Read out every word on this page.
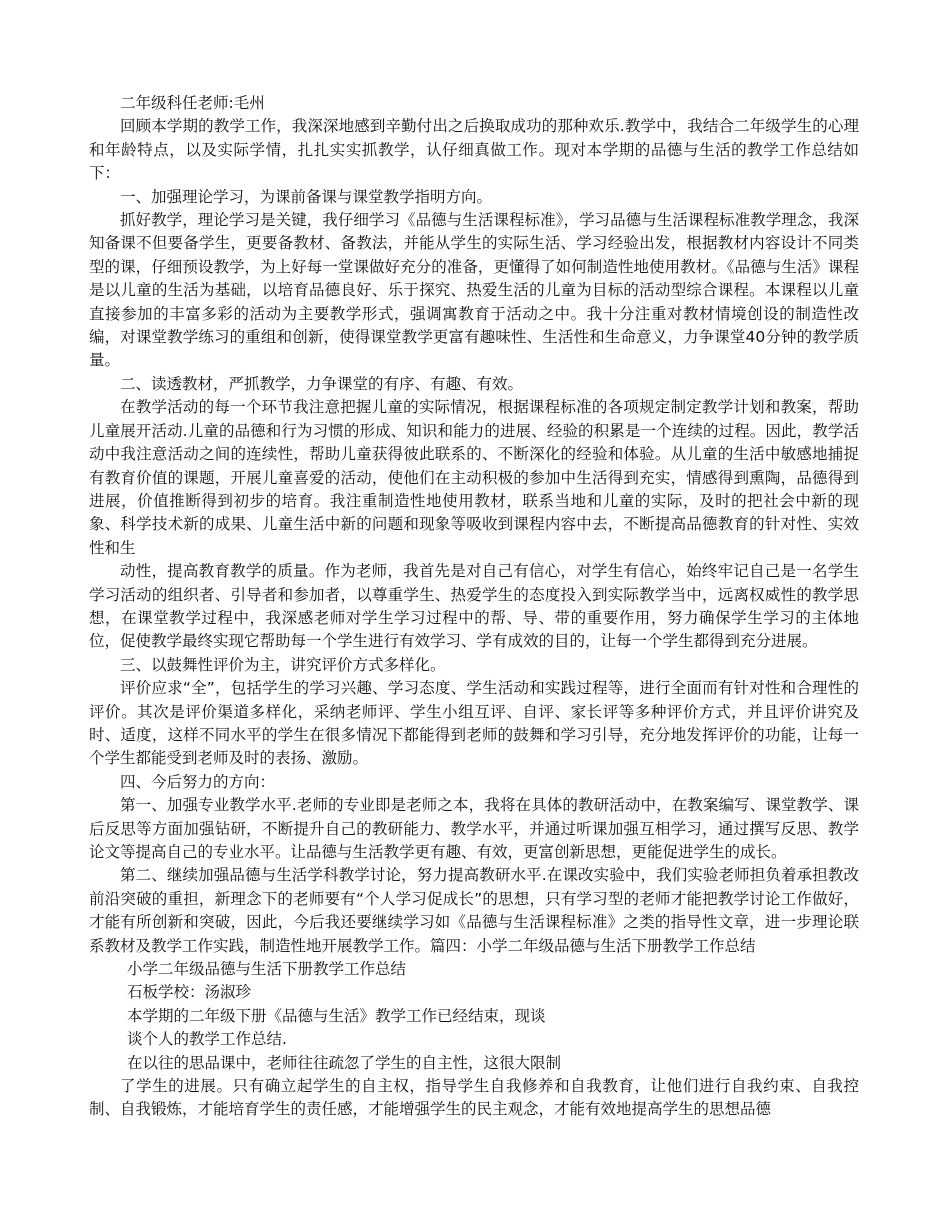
二年级科任老师:毛州

回顾本学期的教学工作，我深深地感到辛勤付出之后换取成功的那种欢乐.教学中，我结合二年级学生的心理和年龄特点，以及实际学情，扎扎实实抓教学，认仔细真做工作。现对本学期的品德与生活的教学工作总结如下：

一、加强理论学习，为课前备课与课堂教学指明方向。

抓好教学，理论学习是关键，我仔细学习《品德与生活课程标准》，学习品德与生活课程标准教学理念，我深知备课不但要备学生，更要备教材、备教法，并能从学生的实际生活、学习经验出发，根据教材内容设计不同类型的课，仔细预设教学，为上好每一堂课做好充分的准备，更懂得了如何制造性地使用教材。《品德与生活》课程是以儿童的生活为基础，以培育品德良好、乐于探究、热爱生活的儿童为目标的活动型综合课程。本课程以儿童直接参加的丰富多彩的活动为主要教学形式，强调寓教育于活动之中。我十分注重对教材情境创设的制造性改编，对课堂教学练习的重组和创新，使得课堂教学更富有趣味性、生活性和生命意义，力争课堂40分钟的教学质量。

二、读透教材，严抓教学，力争课堂的有序、有趣、有效。

在教学活动的每一个环节我注意把握儿童的实际情况，根据课程标准的各项规定制定教学计划和教案，帮助儿童展开活动.儿童的品德和行为习惯的形成、知识和能力的进展、经验的积累是一个连续的过程。因此，教学活动中我注意活动之间的连续性，帮助儿童获得彼此联系的、不断深化的经验和体验。从儿童的生活中敏感地捕捉有教育价值的课题，开展儿童喜爱的活动，使他们在主动积极的参加中生活得到充实，情感得到熏陶，品德得到进展，价值推断得到初步的培育。我注重制造性地使用教材，联系当地和儿童的实际，及时的把社会中新的现象、科学技术新的成果、儿童生活中新的问题和现象等吸收到课程内容中去，不断提高品德教育的针对性、实效性和生

动性，提高教育教学的质量。作为老师，我首先是对自己有信心，对学生有信心，始终牢记自己是一名学生学习活动的组织者、引导者和参加者，以尊重学生、热爱学生的态度投入到实际教学当中，远离权威性的教学思想，在课堂教学过程中，我深感老师对学生学习过程中的帮、导、带的重要作用，努力确保学生学习的主体地位，促使教学最终实现它帮助每一个学生进行有效学习、学有成效的目的，让每一个学生都得到充分进展。

三、以鼓舞性评价为主，讲究评价方式多样化。

评价应求“全”，包括学生的学习兴趣、学习态度、学生活动和实践过程等，进行全面而有针对性和合理性的评价。其次是评价渠道多样化，采纳老师评、学生小组互评、自评、家长评等多种评价方式，并且评价讲究及时、适度，这样不同水平的学生在很多情况下都能得到老师的鼓舞和学习引导，充分地发挥评价的功能，让每一个学生都能受到老师及时的表扬、激励。

四、今后努力的方向：

第一、加强专业教学水平.老师的专业即是老师之本，我将在具体的教研活动中，在教案编写、课堂教学、课后反思等方面加强钻研，不断提升自己的教研能力、教学水平，并通过听课加强互相学习，通过撰写反思、教学论文等提高自己的专业水平。让品德与生活教学更有趣、有效，更富创新思想，更能促进学生的成长。

第二、继续加强品德与生活学科教学讨论，努力提高教研水平.在课改实验中，我们实验老师担负着承担教改前沿突破的重担，新理念下的老师要有“个人学习促成长”的思想，只有学习型的老师才能把教学讨论工作做好，才能有所创新和突破，因此，今后我还要继续学习如《品德与生活课程标准》之类的指导性文章，进一步理论联系教材及教学工作实践，制造性地开展教学工作。篇四：小学二年级品德与生活下册教学工作总结

小学二年级品德与生活下册教学工作总结

石板学校：汤淑珍

本学期的二年级下册《品德与生活》教学工作已经结束，现谈

谈个人的教学工作总结.

在以往的思品课中，老师往往疏忽了学生的自主性，这很大限制

了学生的进展。只有确立起学生的自主权，指导学生自我修养和自我教育，让他们进行自我约束、自我控制、自我锻炼，才能培育学生的责任感，才能增强学生的民主观念，才能有效地提高学生的思想品德
